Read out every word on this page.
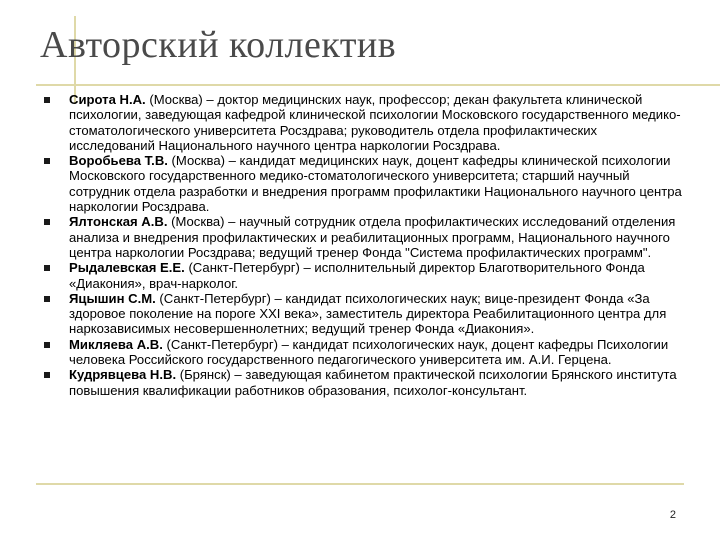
Авторский коллектив
Сирота Н.А. (Москва) – доктор медицинских наук, профессор; декан факультета клинической психологии, заведующая кафедрой клинической психологии Московского государственного медико-стоматологического университета Росздрава; руководитель отдела профилактических исследований Национального научного центра наркологии Росздрава.
Воробьева Т.В. (Москва) – кандидат медицинских наук, доцент кафедры клинической психологии Московского государственного медико-стоматологического университета; старший научный сотрудник отдела разработки и внедрения программ профилактики Национального научного центра наркологии Росздрава.
Ялтонская А.В. (Москва) – научный сотрудник отдела профилактических исследований отделения анализа и внедрения профилактических и реабилитационных программ, Национального научного центра наркологии Росздрава; ведущий тренер Фонда "Система профилактических программ".
Рыдалевская Е.Е. (Санкт-Петербург) – исполнительный директор Благотворительного Фонда «Диакония», врач-нарколог.
Яцышин С.М. (Санкт-Петербург) – кандидат психологических наук; вице-президент Фонда «За здоровое поколение на пороге XXI века», заместитель директора Реабилитационного центра для наркозависимых несовершеннолетних; ведущий тренер Фонда «Диакония».
Микляева А.В. (Санкт-Петербург) – кандидат психологических наук, доцент кафедры Психологии человека Российского государственного педагогического университета им. А.И. Герцена.
Кудрявцева Н.В. (Брянск) – заведующая кабинетом практической психологии Брянского института повышения квалификации работников образования, психолог-консультант.
2
